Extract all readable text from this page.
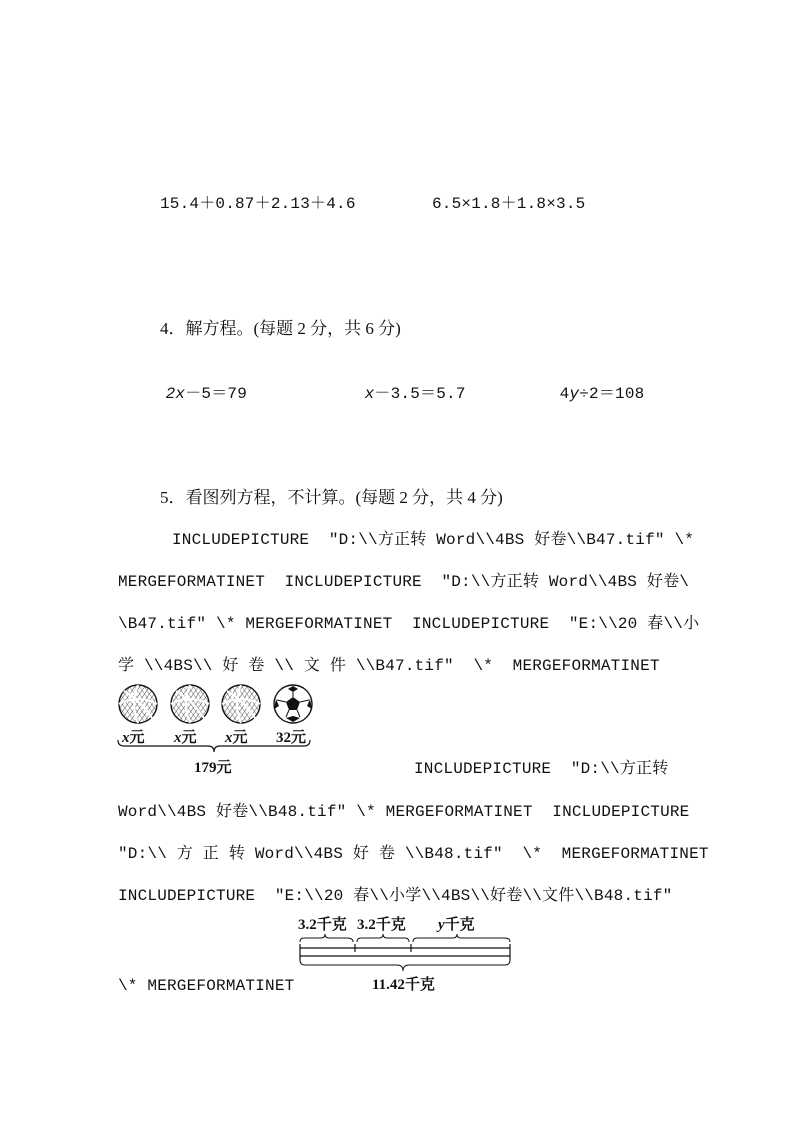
15.4＋0.87＋2.13＋4.6	6.5×1.8＋1.8×3.5
4．解方程。(每题 2 分，共 6 分)

2x－5＝79	x－3.5＝5.7	4y÷2＝108

5．看图列方程，不计算。(每题 2 分，共 4 分)
INCLUDEPICTURE  "D:\\方正转 Word\\4BS 好卷\\B47.tif" \*
MERGEFORMATINET  INCLUDEPICTURE  "D:\\方正转 Word\\4BS 好卷\
\B47.tif" \* MERGEFORMATINET  INCLUDEPICTURE  "E:\\20 春\\小
学 \\4BS\\ 好 卷 \\ 文 件 \\B47.tif"  \*  MERGEFORMATINET
x元 x元 x元 32元
179元	INCLUDEPICTURE  "D:\\方正转
Word\\4BS 好卷\\B48.tif" \* MERGEFORMATINET  INCLUDEPICTURE
"D:\\ 方 正 转 Word\\4BS 好 卷 \\B48.tif"  \*  MERGEFORMATINET
INCLUDEPICTURE  "E:\\20 春\\小学\\4BS\\好卷\\文件\\B48.tif"
3.2千克 3.2千克 y千克
11.42千克
\* MERGEFORMATINET
